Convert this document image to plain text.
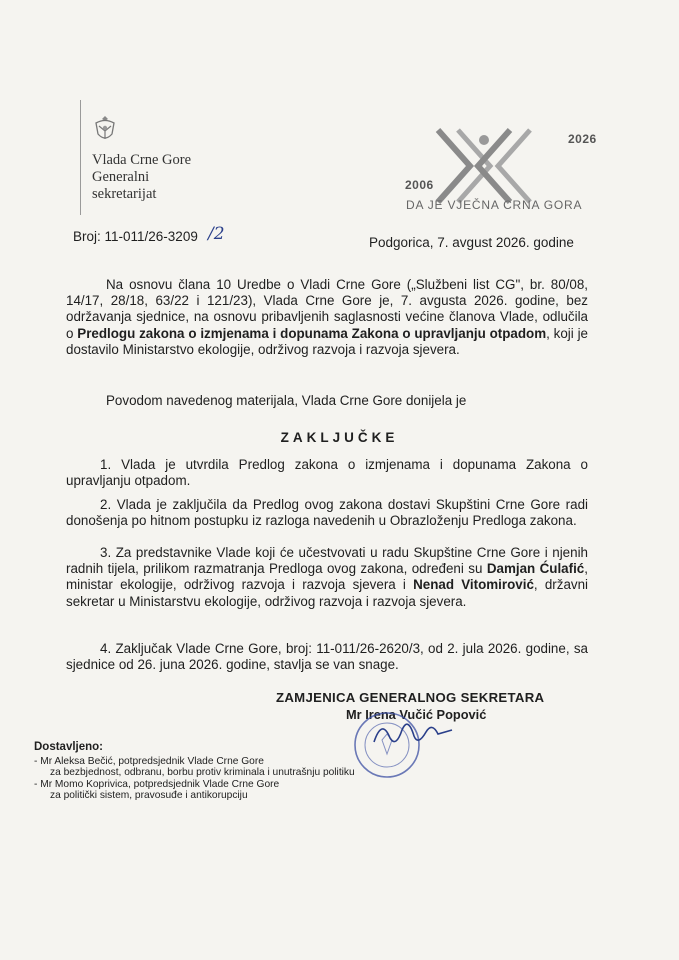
Vlada Crne Gore
Generalni
sekretarijat
2026
2006
DA JE VJEČNA CRNA GORA
Broj: 11-011/26-3209 /2	Podgorica, 7. avgust 2026. godine
Na osnovu člana 10 Uredbe o Vladi Crne Gore („Službeni list CG", br. 80/08, 14/17, 28/18, 63/22 i 121/23), Vlada Crne Gore je, 7. avgusta 2026. godine, bez održavanja sjednice, na osnovu pribavljenih saglasnosti većine članova Vlade, odlučila o Predlogu zakona o izmjenama i dopunama Zakona o upravljanju otpadom, koji je dostavilo Ministarstvo ekologije, održivog razvoja i razvoja sjevera.
Povodom navedenog materijala, Vlada Crne Gore donijela je
ZAKLJUČKE
1. Vlada je utvrdila Predlog zakona o izmjenama i dopunama Zakona o upravljanju otpadom.
2. Vlada je zaključila da Predlog ovog zakona dostavi Skupštini Crne Gore radi donošenja po hitnom postupku iz razloga navedenih u Obrazloženju Predloga zakona.
3. Za predstavnike Vlade koji će učestvovati u radu Skupštine Crne Gore i njenih radnih tijela, prilikom razmatranja Predloga ovog zakona, određeni su Damjan Ćulafić, ministar ekologije, održivog razvoja i razvoja sjevera i Nenad Vitomirović, državni sekretar u Ministarstvu ekologije, održivog razvoja i razvoja sjevera.
4. Zaključak Vlade Crne Gore, broj: 11-011/26-2620/3, od 2. jula 2026. godine, sa sjednice od 26. juna 2026. godine, stavlja se van snage.
ZAMJENICA GENERALNOG SEKRETARA
Mr Irena Vučić Popović
Dostavljeno:
- Mr Aleksa Bečić, potpredsjednik Vlade Crne Gore
za bezbjednost, odbranu, borbu protiv kriminala i unutrašnju politiku
- Mr Momo Koprivica, potpredsjednik Vlade Crne Gore
za politički sistem, pravosuđe i antikorupciju
